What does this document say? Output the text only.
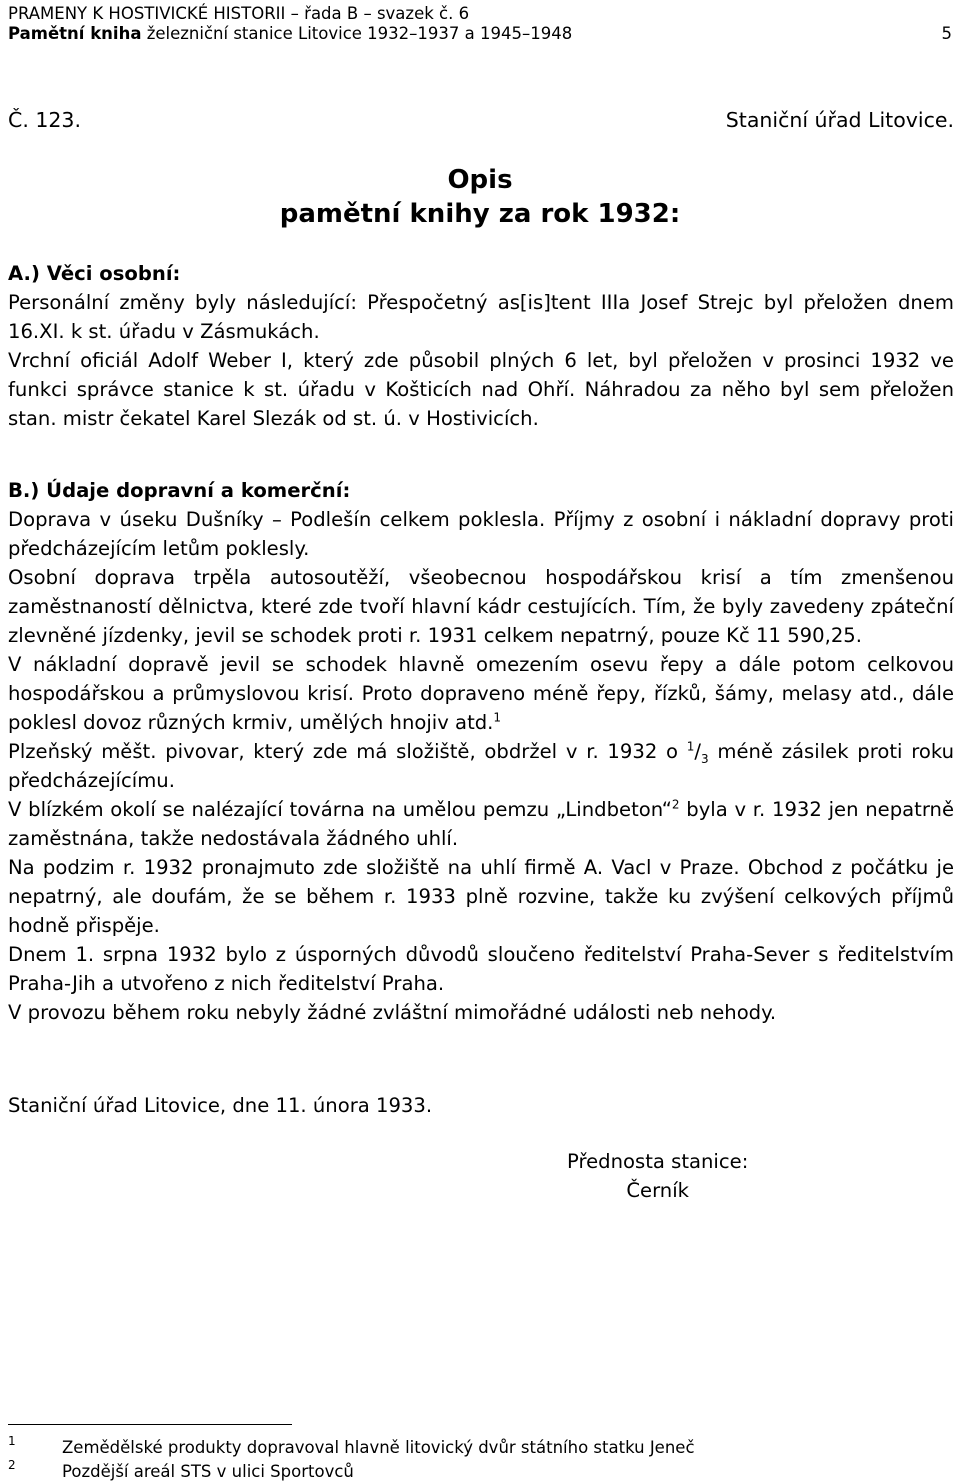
PRAMENY K HOSTIVICKÉ HISTORII – řada B – svazek č. 6
Pamětní kniha železniční stanice Litovice 1932–1937 a 1945–1948	5
Č. 123.	Staniční úřad Litovice.
Opis
pamětní knihy za rok 1932:

A.) Věci osobní:

Personální změny byly následující: Přespočetný as[is]tent IIIa Josef Strejc byl přeložen dnem 16.XI. k st. úřadu v Zásmukách.

Vrchní oficiál Adolf Weber I, který zde působil plných 6 let, byl přeložen v prosinci 1932 ve funkci správce stanice k st. úřadu v Košticích nad Ohří. Náhradou za něho byl sem přeložen stan. mistr čekatel Karel Slezák od st. ú. v Hostivicích.

B.) Údaje dopravní a komerční:

Doprava v úseku Dušníky – Podlešín celkem poklesla. Příjmy z osobní i nákladní dopravy proti předcházejícím letům poklesly.

Osobní doprava trpěla autosoutěží, všeobecnou hospodářskou krisí a tím zmenšenou zaměstnaností dělnictva, které zde tvoří hlavní kádr cestujících. Tím, že byly zavedeny zpáteční zlevněné jízdenky, jevil se schodek proti r. 1931 celkem nepatrný, pouze Kč 11 590,25.

V nákladní dopravě jevil se schodek hlavně omezením osevu řepy a dále potom celkovou hospodářskou a průmyslovou krisí. Proto dopraveno méně řepy, řízků, šámy, melasy atd., dále poklesl dovoz různých krmiv, umělých hnojiv atd.$^1$

Plzeňský měšt. pivovar, který zde má složiště, obdržel v r. 1932 o $^1/_3$ méně zásilek proti roku předcházejícímu.

V blízkém okolí se nalézající továrna na umělou pemzu „Lindbeton“$^2$ byla v r. 1932 jen nepatrně zaměstnána, takže nedostávala žádného uhlí.

Na podzim r. 1932 pronajmuto zde složiště na uhlí firmě A. Vacl v Praze. Obchod z počátku je nepatrný, ale doufám, že se během r. 1933 plně rozvine, takže ku zvýšení celkových příjmů hodně přispěje.

Dnem 1. srpna 1932 bylo z úsporných důvodů sloučeno ředitelství Praha-Sever s ředitelstvím Praha-Jih a utvořeno z nich ředitelství Praha.

V provozu během roku nebyly žádné zvláštní mimořádné události neb nehody.

Staniční úřad Litovice, dne 11. února 1933.
Přednosta stanice:
Černík
1	Zemědělské produkty dopravoval hlavně litovický dvůr státního statku Jeneč
2	Pozdější areál STS v ulici Sportovců
